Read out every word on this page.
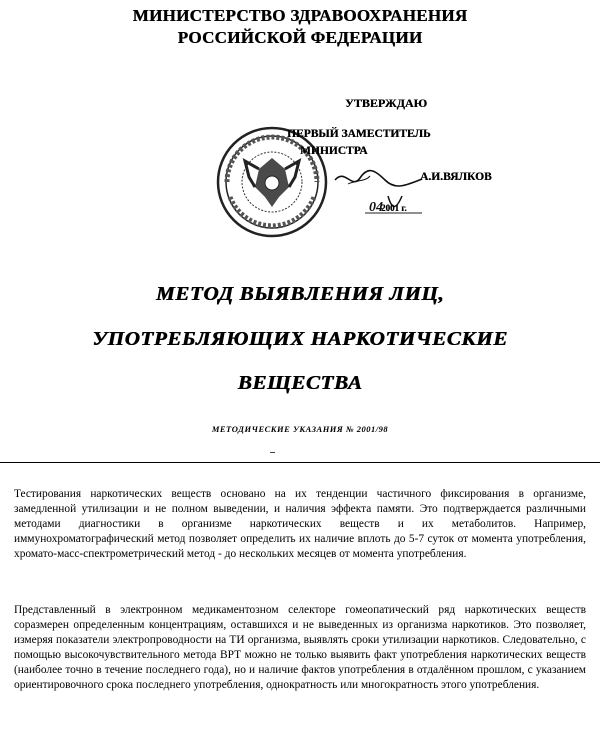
МИНИСТЕРСТВО ЗДРАВООХРАНЕНИЯ
РОССИЙСКОЙ ФЕДЕРАЦИИ
УТВЕРЖДАЮ
ПЕРВЫЙ ЗАМЕСТИТЕЛЬ
МИНИСТРА
04
А.И.ВЯЛКОВ
2001 г.
МЕТОД ВЫЯВЛЕНИЯ ЛИЦ,
УПОТРЕБЛЯЮЩИХ НАРКОТИЧЕСКИЕ
ВЕЩЕСТВА
МЕТОДИЧЕСКИЕ УКАЗАНИЯ № 2001/98

Тестирования наркотических веществ основано на их тенденции частичного фиксирования в организме, замедленной утилизации и не полном выведении, и наличия эффекта памяти. Это подтверждается различными методами диагностики в организме наркотических веществ и их метаболитов. Например, иммунохроматографический метод позволяет определить их наличие вплоть до 5-7 суток от момента употребления, хромато-масс-спектрометрический метод - до нескольких месяцев от момента употребления.

Представленный в электронном медикаментозном селекторе гомеопатический ряд наркотических веществ соразмерен определенным концентрациям, оставшихся и не выведенных из организма наркотиков. Это позволяет, измеряя показатели электропроводности на ТИ организма, выявлять сроки утилизации наркотиков. Следовательно, с помощью высокочувствительного метода ВРТ можно не только выявить факт употребления наркотических веществ (наиболее точно в течение последнего года), но и наличие фактов употребления в отдалённом прошлом, с указанием ориентировочного срока последнего употребления, однократность или многократность этого употребления.
